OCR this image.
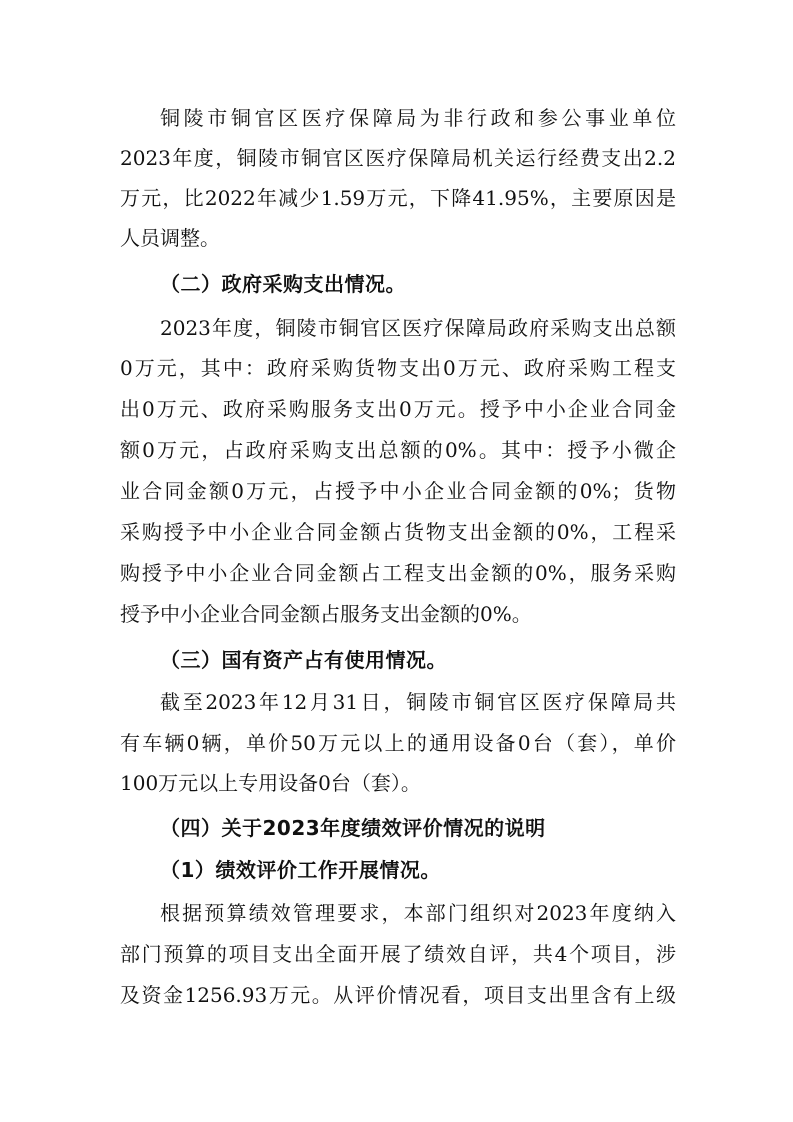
铜陵市铜官区医疗保障局为非行政和参公事业单位
2023年度，铜陵市铜官区医疗保障局机关运行经费支出2.2
万元，比2022年减少1.59万元，下降41.95%，主要原因是
人员调整。
（二）政府采购支出情况。
2023年度，铜陵市铜官区医疗保障局政府采购支出总额
0万元，其中：政府采购货物支出0万元、政府采购工程支
出0万元、政府采购服务支出0万元。授予中小企业合同金
额0万元，占政府采购支出总额的0%。其中：授予小微企
业合同金额0万元，占授予中小企业合同金额的0%；货物
采购授予中小企业合同金额占货物支出金额的0%，工程采
购授予中小企业合同金额占工程支出金额的0%，服务采购
授予中小企业合同金额占服务支出金额的0%。
（三）国有资产占有使用情况。
截至2023年12月31日，铜陵市铜官区医疗保障局共
有车辆0辆，单价50万元以上的通用设备0台（套），单价
100万元以上专用设备0台（套）。
（四）关于2023年度绩效评价情况的说明
（1）绩效评价工作开展情况。
根据预算绩效管理要求，本部门组织对2023年度纳入
部门预算的项目支出全面开展了绩效自评，共4个项目，涉
及资金1256.93万元。从评价情况看，项目支出里含有上级
